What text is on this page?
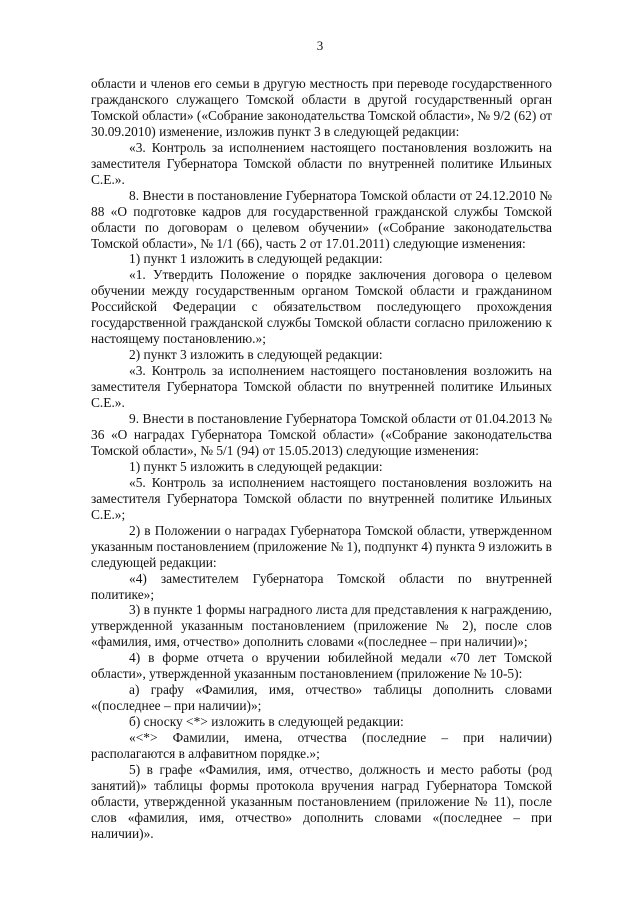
3

области и членов его семьи в другую местность при переводе государственного гражданского служащего Томской области в другой государственный орган Томской области» («Собрание законодательства Томской области», № 9/2 (62) от 30.09.2010) изменение, изложив пункт 3 в следующей редакции:

«3. Контроль за исполнением настоящего постановления возложить на заместителя Губернатора Томской области по внутренней политике Ильиных С.Е.».

8. Внести в постановление Губернатора Томской области от 24.12.2010 № 88 «О подготовке кадров для государственной гражданской службы Томской области по договорам о целевом обучении» («Собрание законодательства Томской области», № 1/1 (66), часть 2 от 17.01.2011) следующие изменения:

1) пункт 1 изложить в следующей редакции:

«1. Утвердить Положение о порядке заключения договора о целевом обучении между государственным органом Томской области и гражданином Российской Федерации с обязательством последующего прохождения государственной гражданской службы Томской области согласно приложению к настоящему постановлению.»;

2) пункт 3 изложить в следующей редакции:

«3. Контроль за исполнением настоящего постановления возложить на заместителя Губернатора Томской области по внутренней политике Ильиных С.Е.».

9. Внести в постановление Губернатора Томской области от 01.04.2013 № 36 «О наградах Губернатора Томской области» («Собрание законодательства Томской области», № 5/1 (94) от 15.05.2013) следующие изменения:

1) пункт 5 изложить в следующей редакции:

«5. Контроль за исполнением настоящего постановления возложить на заместителя Губернатора Томской области по внутренней политике Ильиных С.Е.»;

2) в Положении о наградах Губернатора Томской области, утвержденном указанным постановлением (приложение № 1), подпункт 4) пункта 9 изложить в следующей редакции:

«4) заместителем Губернатора Томской области по внутренней политике»;

3) в пункте 1 формы наградного листа для представления к награждению, утвержденной указанным постановлением (приложение № 2), после слов «фамилия, имя, отчество» дополнить словами «(последнее – при наличии)»;

4) в форме отчета о вручении юбилейной медали «70 лет Томской области», утвержденной указанным постановлением (приложение № 10-5):

а) графу «Фамилия, имя, отчество» таблицы дополнить словами «(последнее – при наличии)»;

б) сноску <*> изложить в следующей редакции:

«<*> Фамилии, имена, отчества (последние – при наличии) располагаются в алфавитном порядке.»;

5) в графе «Фамилия, имя, отчество, должность и место работы (род занятий)» таблицы формы протокола вручения наград Губернатора Томской области, утвержденной указанным постановлением (приложение № 11), после слов «фамилия, имя, отчество» дополнить словами «(последнее – при наличии)».
